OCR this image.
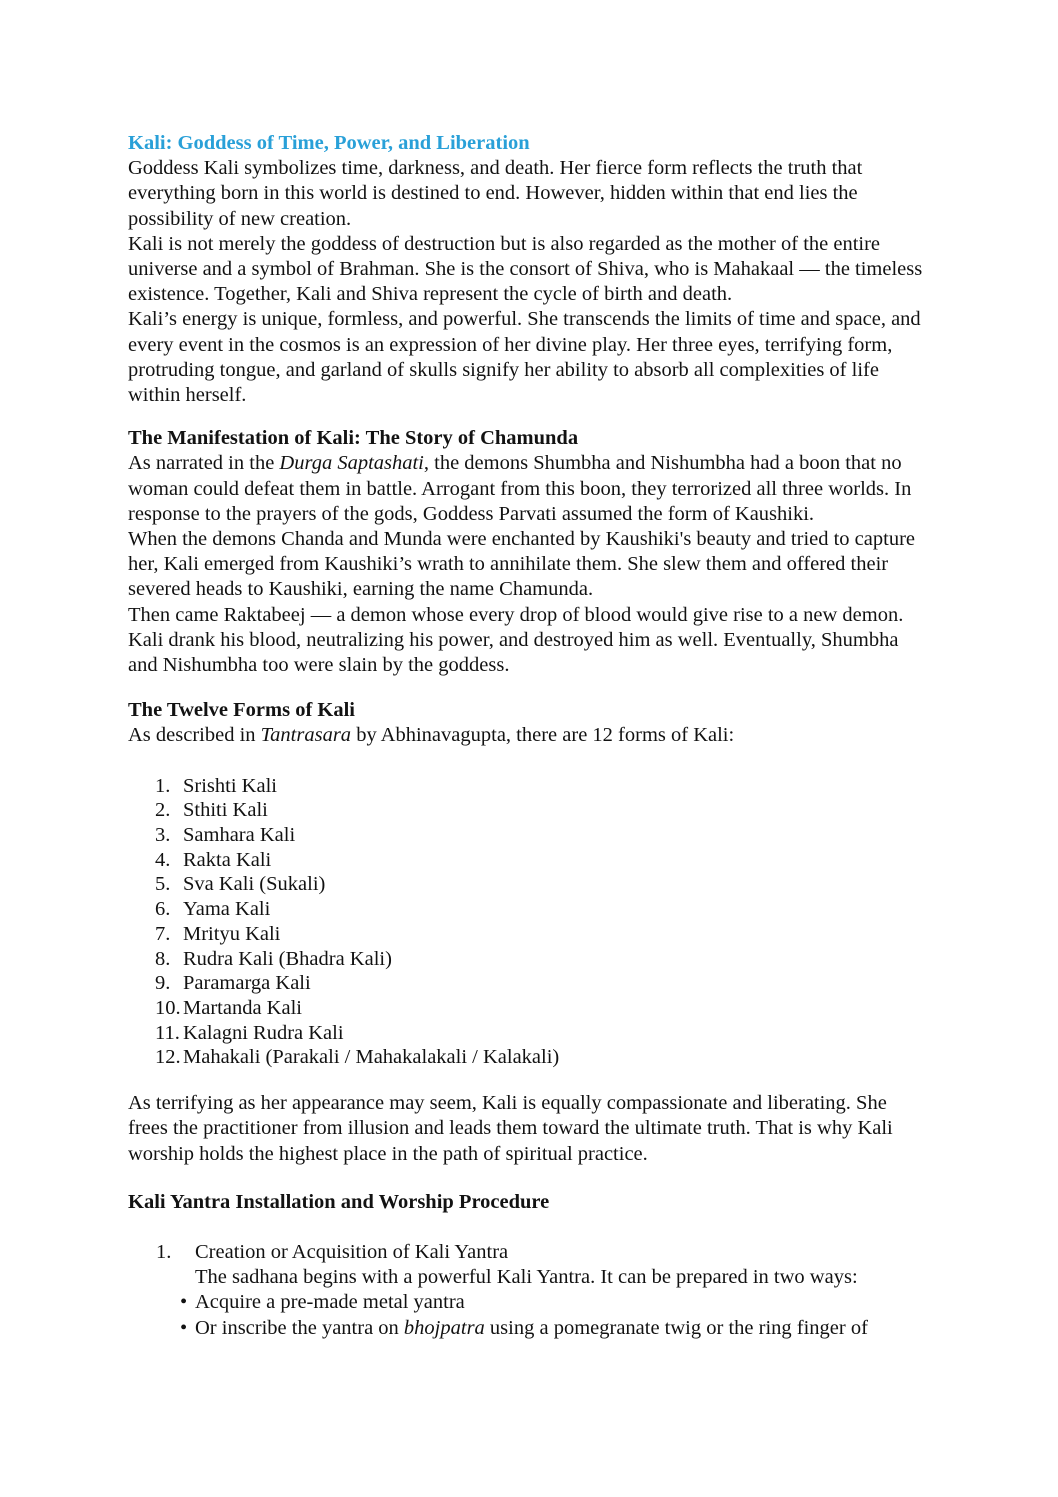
Kali: Goddess of Time, Power, and Liberation

Goddess Kali symbolizes time, darkness, and death. Her fierce form reflects the truth that everything born in this world is destined to end. However, hidden within that end lies the possibility of new creation.

Kali is not merely the goddess of destruction but is also regarded as the mother of the entire universe and a symbol of Brahman. She is the consort of Shiva, who is Mahakaal — the timeless existence. Together, Kali and Shiva represent the cycle of birth and death.

Kali’s energy is unique, formless, and powerful. She transcends the limits of time and space, and every event in the cosmos is an expression of her divine play. Her three eyes, terrifying form, protruding tongue, and garland of skulls signify her ability to absorb all complexities of life within herself.

The Manifestation of Kali: The Story of Chamunda

As narrated in the Durga Saptashati, the demons Shumbha and Nishumbha had a boon that no woman could defeat them in battle. Arrogant from this boon, they terrorized all three worlds. In response to the prayers of the gods, Goddess Parvati assumed the form of Kaushiki.

When the demons Chanda and Munda were enchanted by Kaushiki's beauty and tried to capture her, Kali emerged from Kaushiki’s wrath to annihilate them. She slew them and offered their severed heads to Kaushiki, earning the name Chamunda.

Then came Raktabeej — a demon whose every drop of blood would give rise to a new demon. Kali drank his blood, neutralizing his power, and destroyed him as well. Eventually, Shumbha and Nishumbha too were slain by the goddess.

The Twelve Forms of Kali

As described in Tantrasara by Abhinavagupta, there are 12 forms of Kali:

1. Srishti Kali
2. Sthiti Kali
3. Samhara Kali
4. Rakta Kali
5. Sva Kali (Sukali)
6. Yama Kali
7. Mrityu Kali
8. Rudra Kali (Bhadra Kali)
9. Paramarga Kali
10. Martanda Kali
11. Kalagni Rudra Kali
12. Mahakali (Parakali / Mahakalakali / Kalakali)

As terrifying as her appearance may seem, Kali is equally compassionate and liberating. She frees the practitioner from illusion and leads them toward the ultimate truth. That is why Kali worship holds the highest place in the path of spiritual practice.

Kali Yantra Installation and Worship Procedure
1. Creation or Acquisition of Kali Yantra
The sadhana begins with a powerful Kali Yantra. It can be prepared in two ways:
• Acquire a pre-made metal yantra
• Or inscribe the yantra on bhojpatra using a pomegranate twig or the ring finger of
